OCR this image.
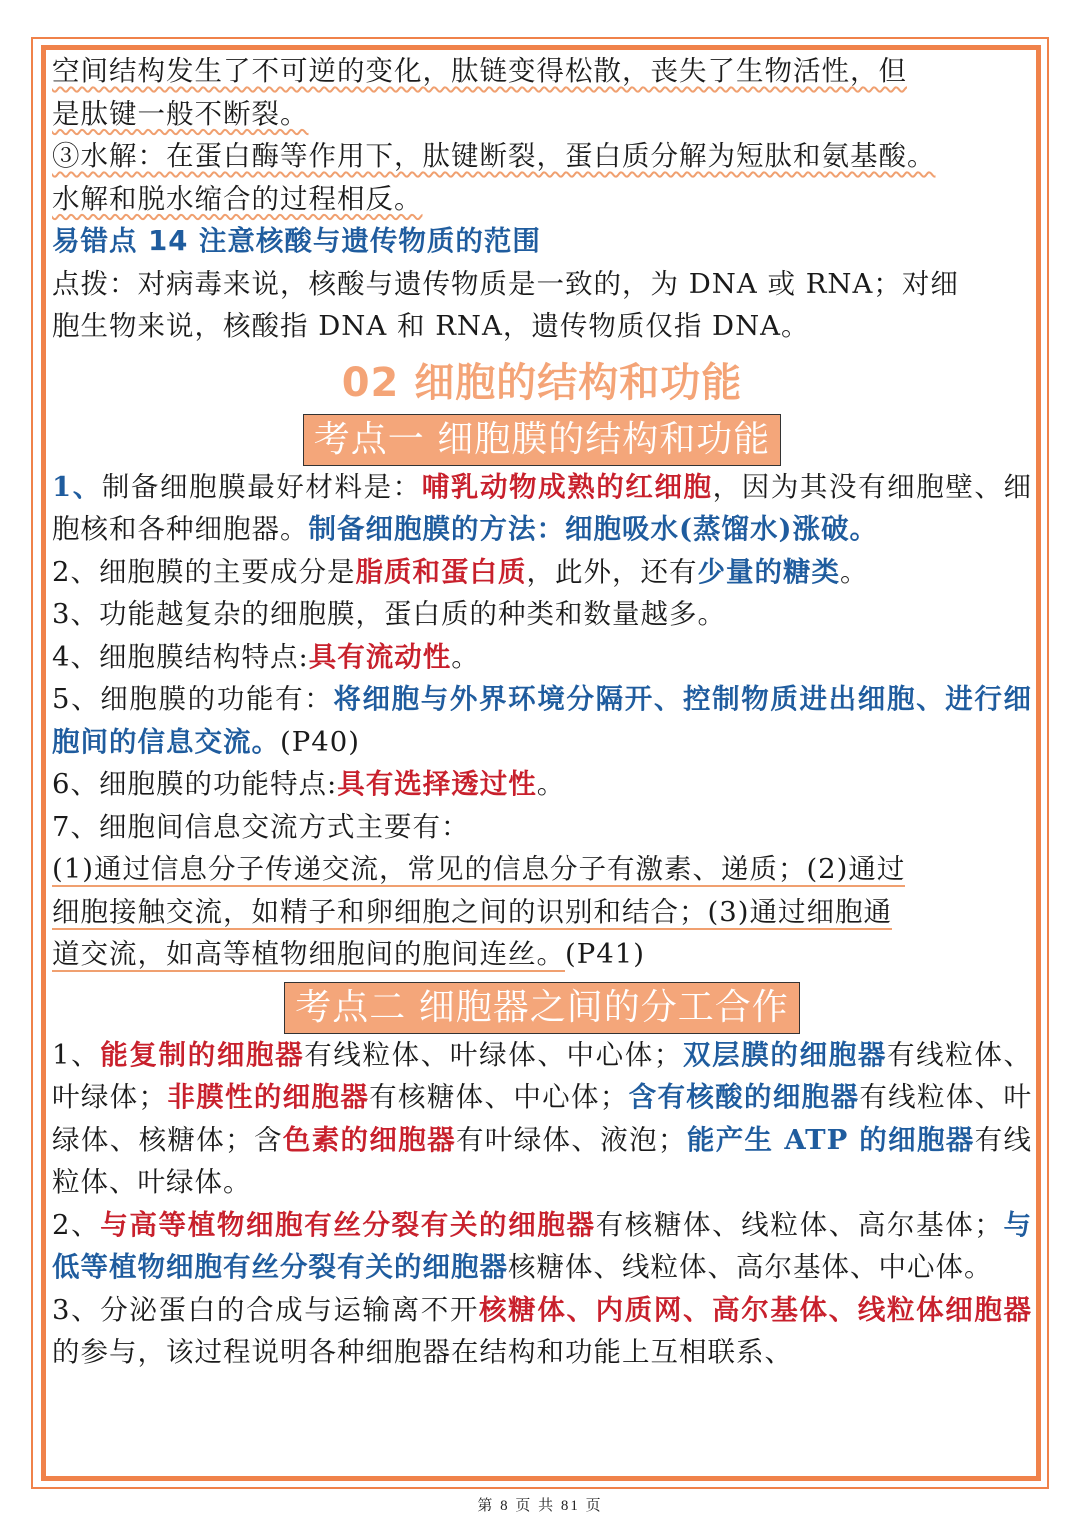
空间结构发生了不可逆的变化，肽链变得松散，丧失了生物活性，但
是肽键一般不断裂。

③水解：在蛋白酶等作用下，肽键断裂，蛋白质分解为短肽和氨基酸。
水解和脱水缩合的过程相反。

易错点 14 注意核酸与遗传物质的范围

点拨：对病毒来说，核酸与遗传物质是一致的，为 DNA 或 RNA；对细
胞生物来说，核酸指 DNA 和 RNA，遗传物质仅指 DNA。

02 细胞的结构和功能

考点一 细胞膜的结构和功能

1、制备细胞膜最好材料是：哺乳动物成熟的红细胞，因为其没有细胞壁、细胞核和各种细胞器。制备细胞膜的方法：细胞吸水(蒸馏水)涨破。

2、细胞膜的主要成分是脂质和蛋白质，此外，还有少量的糖类。

3、功能越复杂的细胞膜，蛋白质的种类和数量越多。

4、细胞膜结构特点:具有流动性。

5、细胞膜的功能有：将细胞与外界环境分隔开、控制物质进出细胞、进行细胞间的信息交流。(P40)

6、细胞膜的功能特点:具有选择透过性。

7、细胞间信息交流方式主要有：

(1)通过信息分子传递交流，常见的信息分子有激素、递质；(2)通过
细胞接触交流，如精子和卵细胞之间的识别和结合；(3)通过细胞通
道交流，如高等植物细胞间的胞间连丝。(P41)

考点二 细胞器之间的分工合作

1、能复制的细胞器有线粒体、叶绿体、中心体；双层膜的细胞器有线粒体、叶绿体；非膜性的细胞器有核糖体、中心体；含有核酸的细胞器有线粒体、叶绿体、核糖体；含色素的细胞器有叶绿体、液泡；能产生 ATP 的细胞器有线粒体、叶绿体。

2、与高等植物细胞有丝分裂有关的细胞器有核糖体、线粒体、高尔基体；与低等植物细胞有丝分裂有关的细胞器核糖体、线粒体、高尔基体、中心体。

3、分泌蛋白的合成与运输离不开核糖体、内质网、高尔基体、线粒体细胞器的参与，该过程说明各种细胞器在结构和功能上互相联系、

第 8 页 共 81 页
